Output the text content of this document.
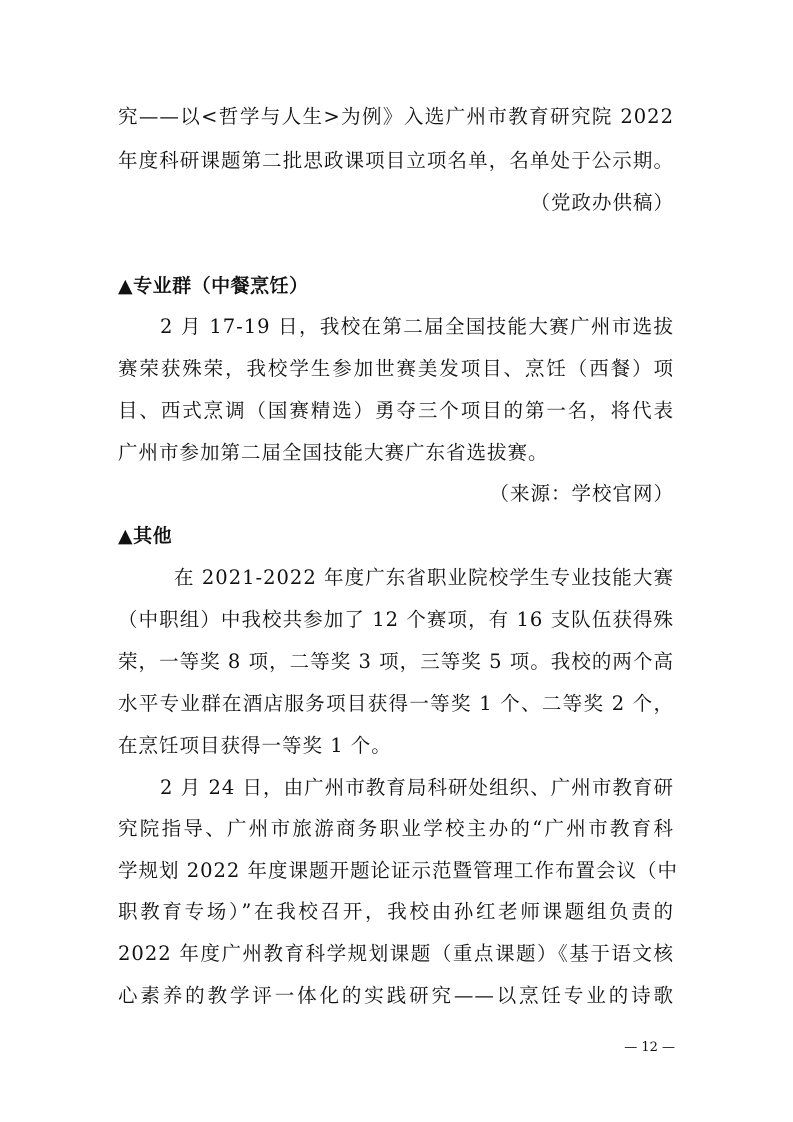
究——以<哲学与人生>为例》入选广州市教育研究院 2022
年度科研课题第二批思政课项目立项名单，名单处于公示期。
（党政办供稿）
▲专业群（中餐烹饪）
2 月 17-19 日，我校在第二届全国技能大赛广州市选拔
赛荣获殊荣，我校学生参加世赛美发项目、烹饪（西餐）项
目、西式烹调（国赛精选）勇夺三个项目的第一名，将代表
广州市参加第二届全国技能大赛广东省选拔赛。
（来源：学校官网）
▲其他
在 2021-2022 年度广东省职业院校学生专业技能大赛
（中职组）中我校共参加了 12 个赛项，有 16 支队伍获得殊
荣，一等奖 8 项，二等奖 3 项，三等奖 5 项。我校的两个高
水平专业群在酒店服务项目获得一等奖 1 个、二等奖 2 个，
在烹饪项目获得一等奖 1 个。
2 月 24 日，由广州市教育局科研处组织、广州市教育研
究院指导、广州市旅游商务职业学校主办的“广州市教育科
学规划 2022 年度课题开题论证示范暨管理工作布置会议（中
职教育专场）”在我校召开，我校由孙红老师课题组负责的
2022 年度广州教育科学规划课题（重点课题）《基于语文核
心素养的教学评一体化的实践研究——以烹饪专业的诗歌
— 12 —
